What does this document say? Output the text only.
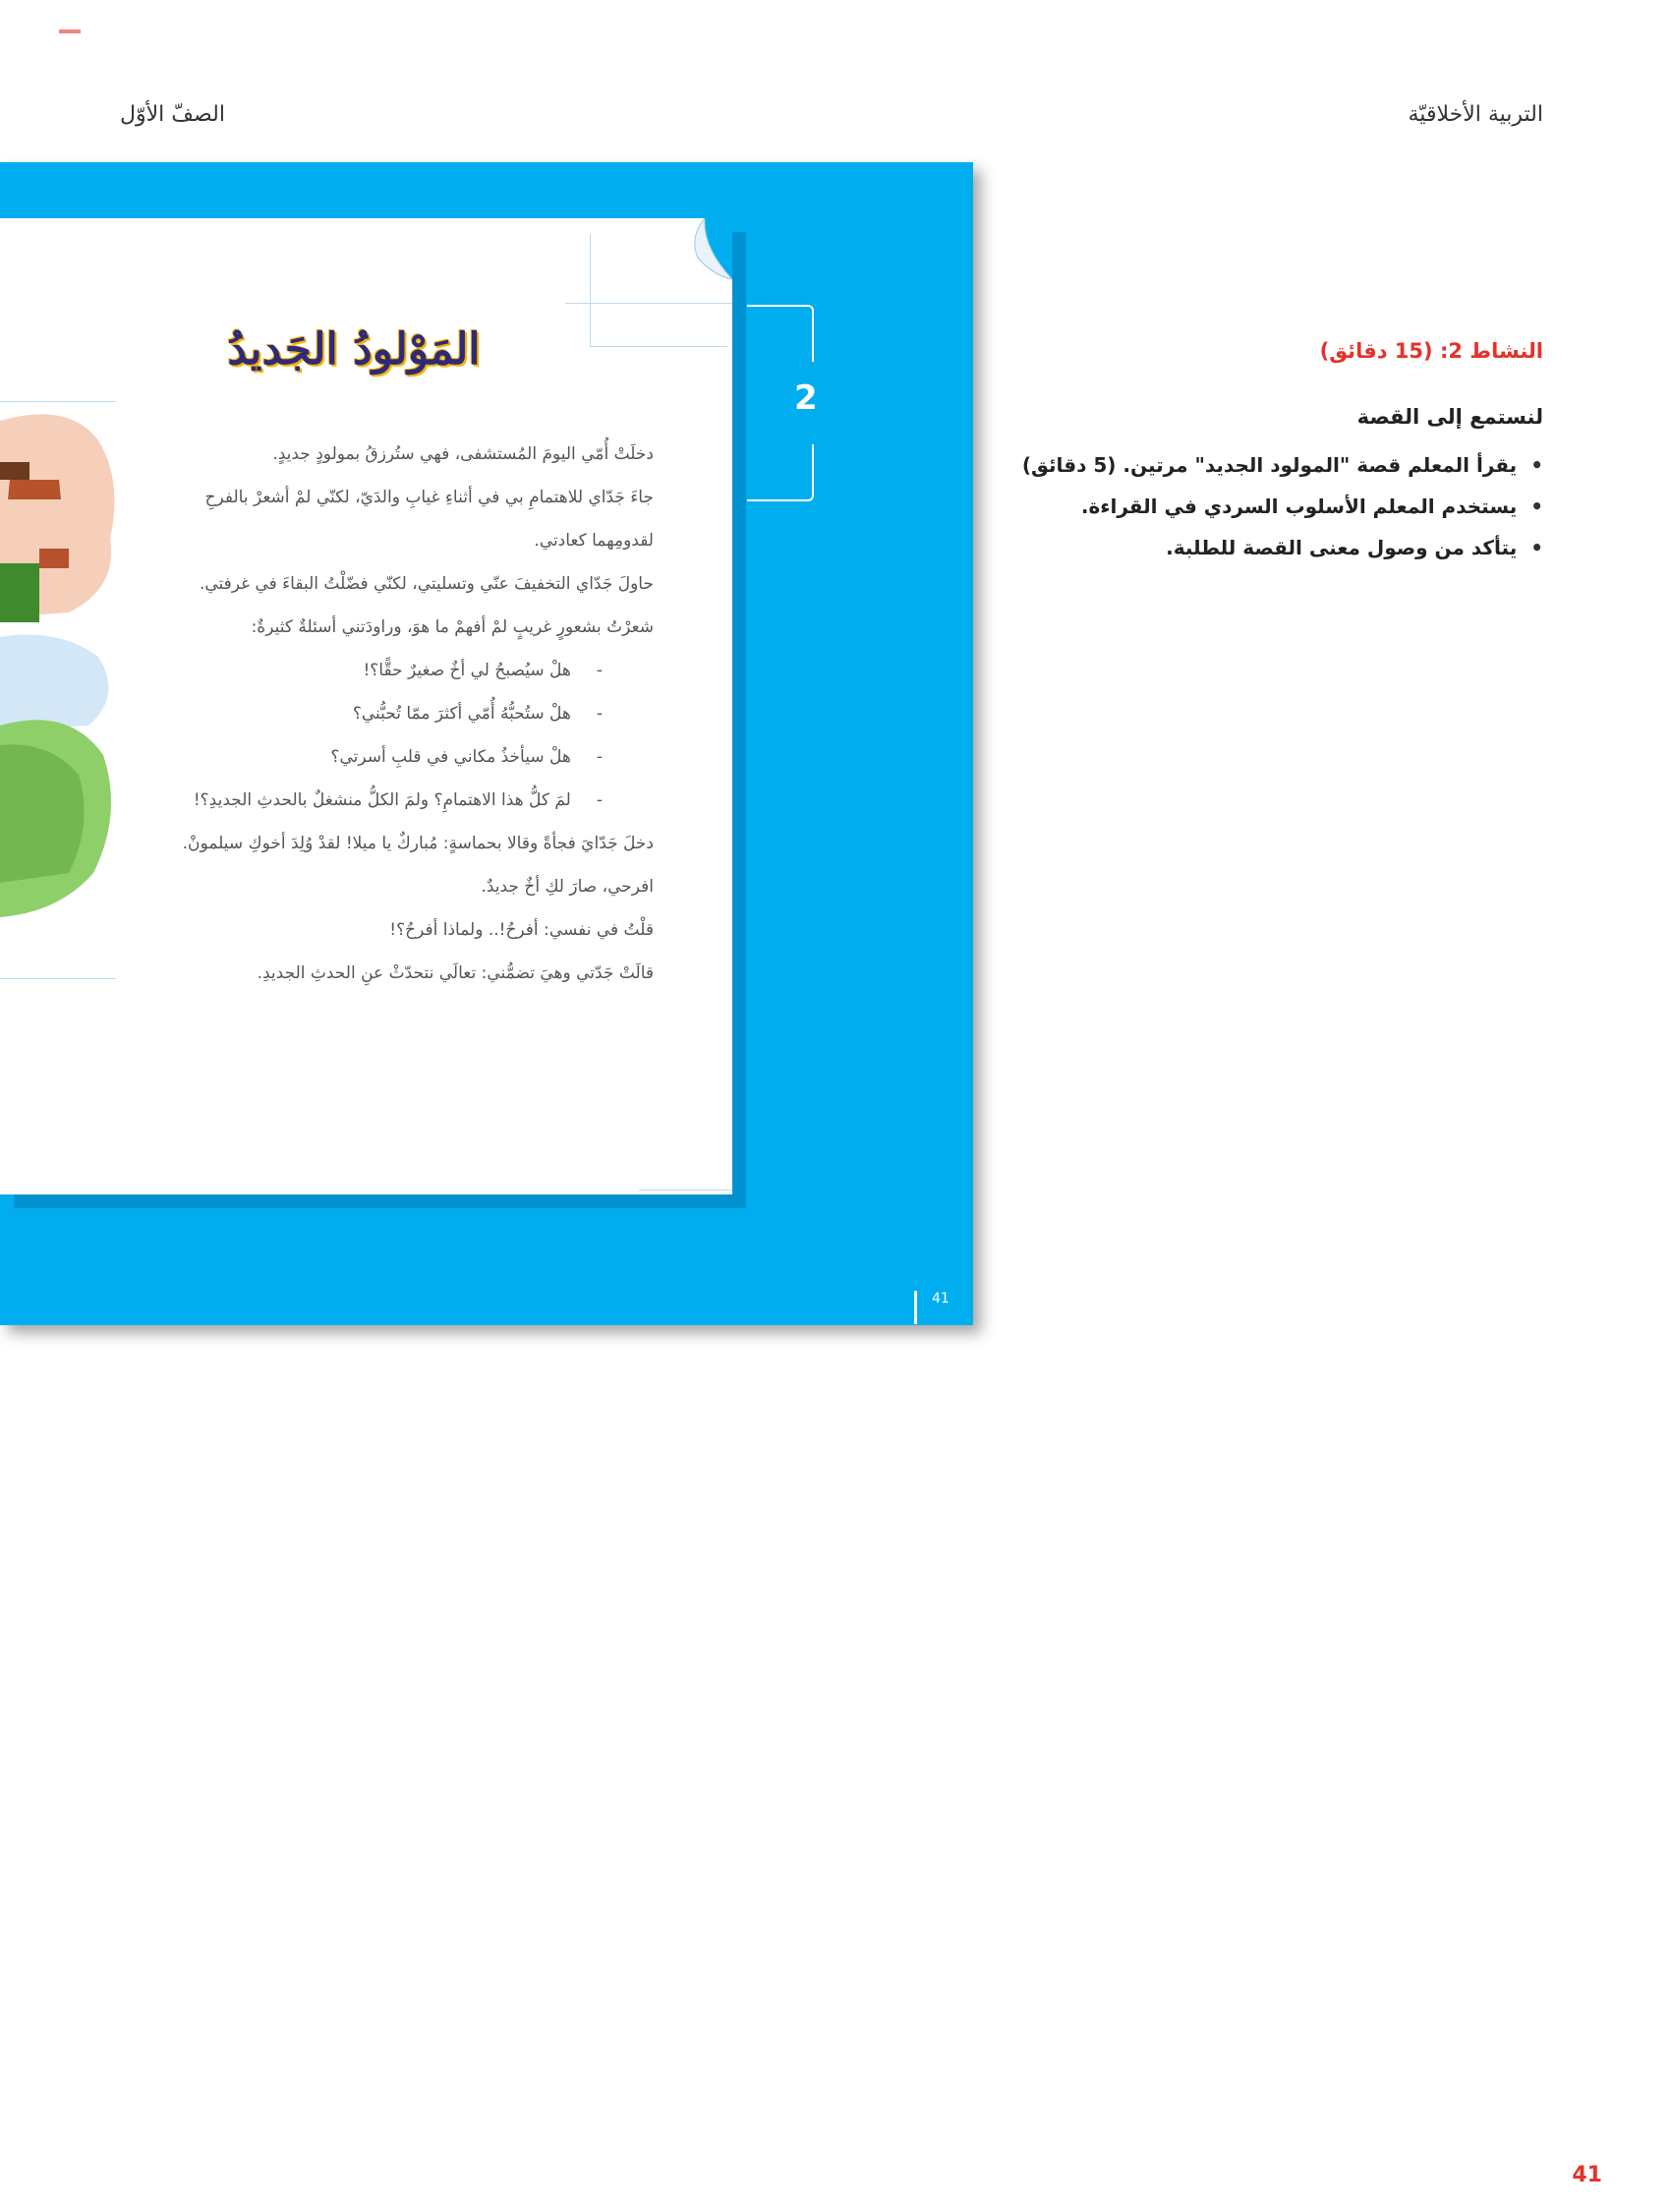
الصفّ الأوّل	التربية الأخلاقيّة
المَوْلودُ الجَديدُ

دخلَتْ أُمّي اليومَ المُستشفى، فهي ستُرزقُ بمولودٍ جديدٍ.

جاءَ جَدّاي للاهتمامِ بي في أثناءِ غيابِ والدَيّ، لكنّي لمْ أشعرْ بالفرحِ

لقدومِهما كعادتي.

حاولَ جَدّاي التخفيفَ عنّي وتسليتي، لكنّي فضّلْتُ البقاءَ في غرفتي.

شعرْتُ بشعورٍ غريبٍ لمْ أفهمْ ما هوَ، وراودَتني أسئلةٌ كثيرةٌ:

- هلْ سيُصبحُ لي أخٌ صغيرٌ حقًّا؟!

- هلْ ستُحبُّهُ أُمّي أكثرَ ممّا تُحبُّني؟

- هلْ سيأخذُ مكاني في قلبِ أسرتي؟

- لمَ كلُّ هذا الاهتمامِ؟ ولمَ الكلُّ منشغلٌ بالحدثِ الجديدِ؟!

دخلَ جَدّايَ فجأةً وقالا بحماسةٍ: مُباركٌ يا ميلا! لقدْ وُلِدَ أخوكِ سيلمونْ.

افرحي، صارَ لكِ أخٌ جديدٌ.

قلْتُ في نفسي: أفرحُ!.. ولماذا أفرحُ؟!

قالَتْ جَدّتي وهيَ تضمُّني: تعالَي نتحدّثْ عنِ الحدثِ الجديدِ.

2
41
النشاط 2: (15 دقائق)
لنستمع إلى القصة
• يقرأ المعلم قصة "المولود الجديد" مرتين. (5 دقائق)
• يستخدم المعلم الأسلوب السردي في القراءة.
• يتأكد من وصول معنى القصة للطلبة.
41
